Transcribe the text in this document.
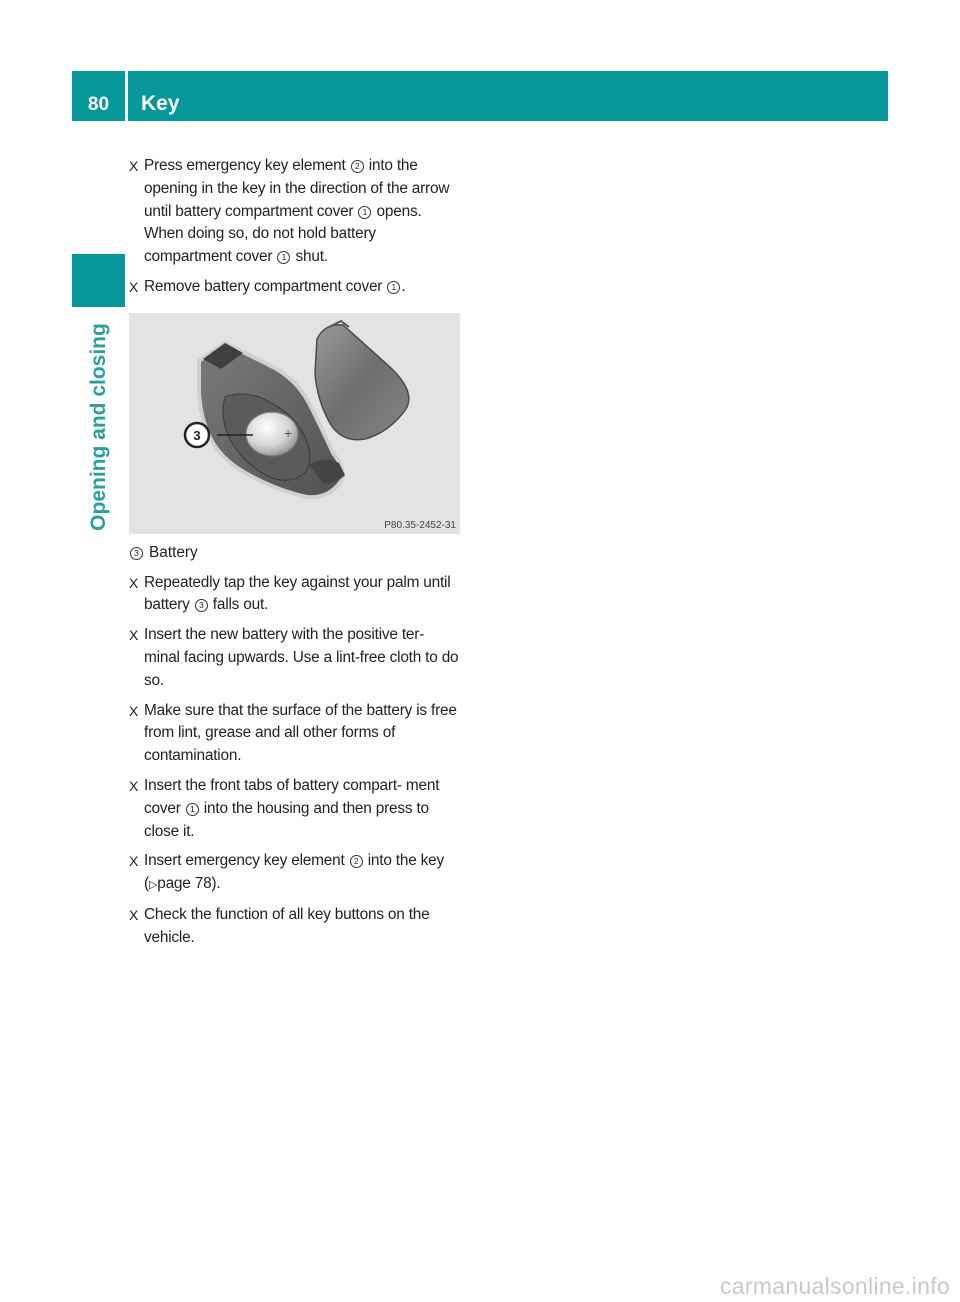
80	Key
Opening and closing
X Press emergency key element 2 into the opening in the key in the direction of the arrow until battery compartment cover 1 opens. When doing so, do not hold battery compartment cover 1 shut.
X Remove battery compartment cover 1 .
+
3
P80.35-2452-31
3 Battery
X Repeatedly tap the key against your palm until battery 3 falls out.
X Insert the new battery with the positive ter- minal facing upwards. Use a lint-free cloth to do so.
X Make sure that the surface of the battery is free from lint, grease and all other forms of contamination.
X Insert the front tabs of battery compart- ment cover 1 into the housing and then press to close it.
X Insert emergency key element 2 into the key (▷page 78).
X Check the function of all key buttons on the vehicle.
carmanualsonline.info
